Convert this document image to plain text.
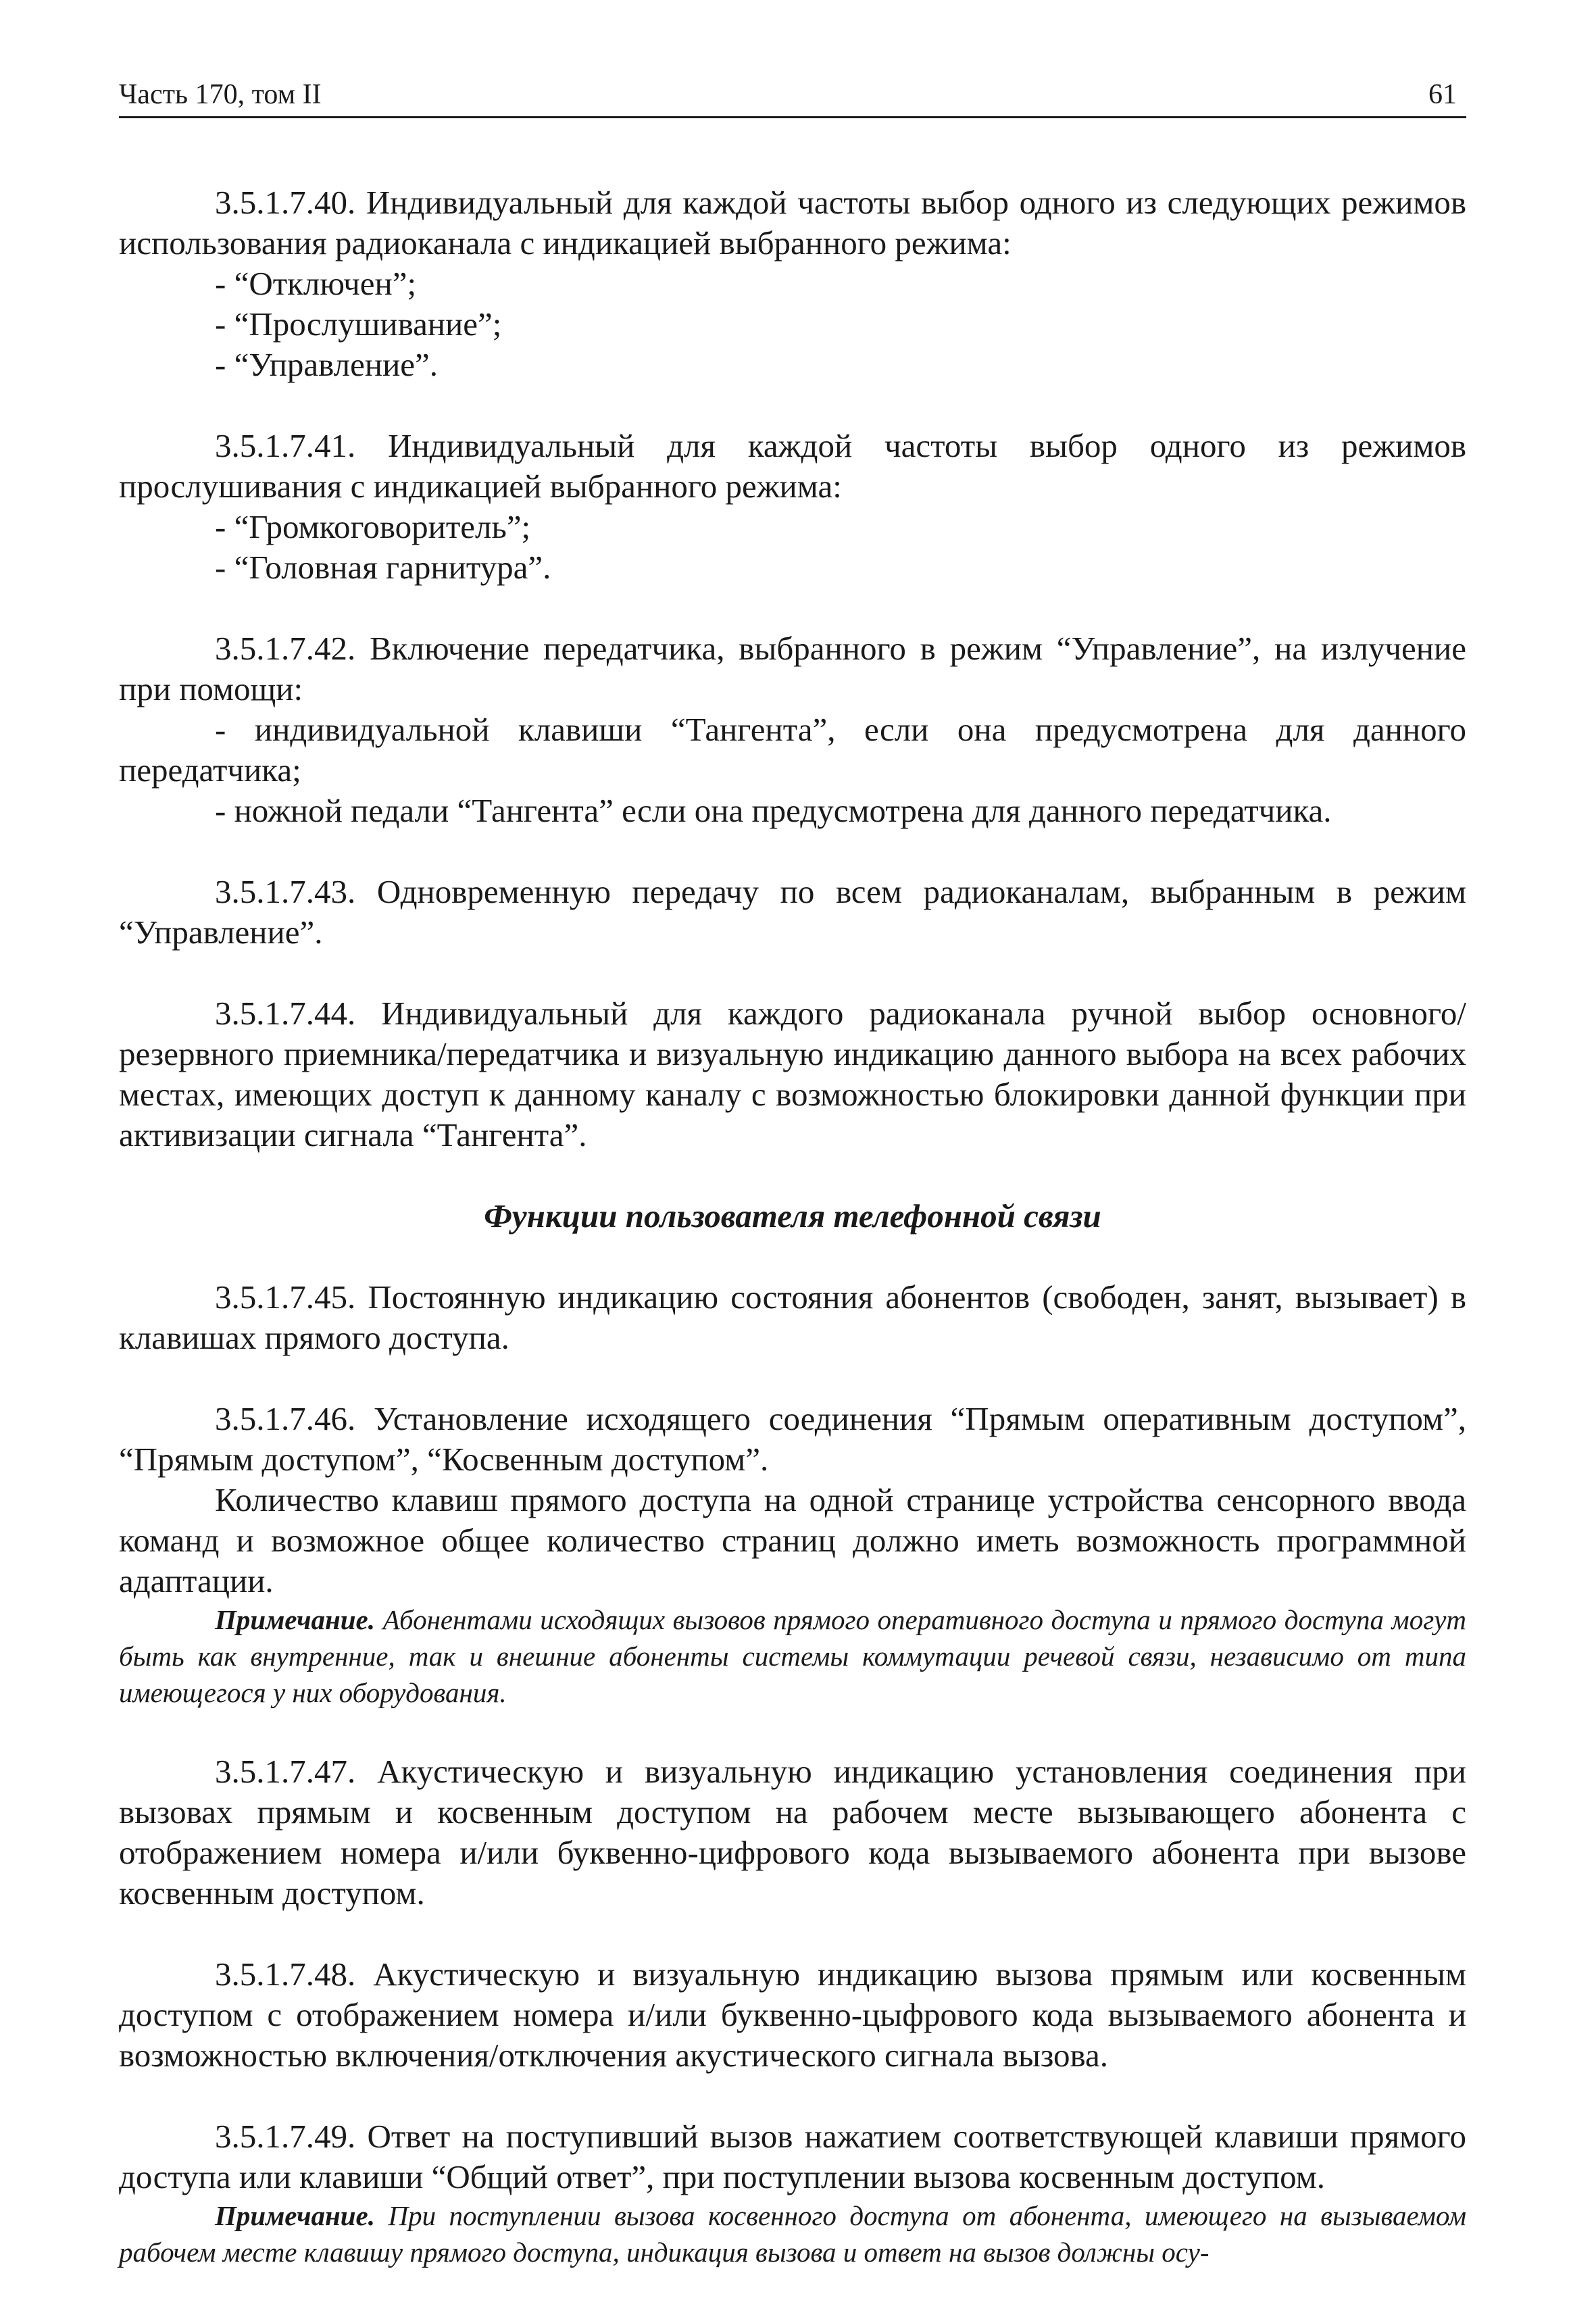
Часть 170, том II	61

3.5.1.7.40. Индивидуальный для каждой частоты выбор одного из следующих режимов использования радиоканала с индикацией выбранного режима:

- “Отключен”;

- “Прослушивание”;

- “Управление”.

3.5.1.7.41. Индивидуальный для каждой частоты выбор одного из режимов прослушивания с индикацией выбранного режима:

- “Громкоговоритель”;

- “Головная гарнитура”.

3.5.1.7.42. Включение передатчика, выбранного в режим “Управление”, на излучение при помощи:

- индивидуальной клавиши “Тангента”, если она предусмотрена для данного передатчика;

- ножной педали “Тангента” если она предусмотрена для данного передатчика.

3.5.1.7.43. Одновременную передачу по всем радиоканалам, выбранным в режим “Управление”.

3.5.1.7.44. Индивидуальный для каждого радиоканала ручной выбор основного/резервного приемника/передатчика и визуальную индикацию данного выбора на всех рабочих местах, имеющих доступ к данному каналу с возможностью блокировки данной функции при активизации сигнала “Тангента”.

Функции пользователя телефонной связи

3.5.1.7.45. Постоянную индикацию состояния абонентов (свободен, занят, вызывает) в клавишах прямого доступа.

3.5.1.7.46. Установление исходящего соединения “Прямым оперативным доступом”, “Прямым доступом”, “Косвенным доступом”.

Количество клавиш прямого доступа на одной странице устройства сенсорного ввода команд и возможное общее количество страниц должно иметь возможность программной адаптации.

Примечание. Абонентами исходящих вызовов прямого оперативного доступа и прямого доступа могут быть как внутренние, так и внешние абоненты системы коммутации речевой связи, независимо от типа имеющегося у них оборудования.

3.5.1.7.47. Акустическую и визуальную индикацию установления соединения при вызовах прямым и косвенным доступом на рабочем месте вызывающего абонента с отображением номера и/или буквенно-цифрового кода вызываемого абонента при вызове косвенным доступом.

3.5.1.7.48. Акустическую и визуальную индикацию вызова прямым или косвенным доступом с отображением номера и/или буквенно-цыфрового кода вызываемого абонента и возможностью включения/отключения акустического сигнала вызова.

3.5.1.7.49. Ответ на поступивший вызов нажатием соответствующей клавиши прямого доступа или клавиши “Общий ответ”, при поступлении вызова косвенным доступом.

Примечание. При поступлении вызова косвенного доступа от абонента, имеющего на вызываемом рабочем месте клавишу прямого доступа, индикация вызова и ответ на вызов должны осу-
